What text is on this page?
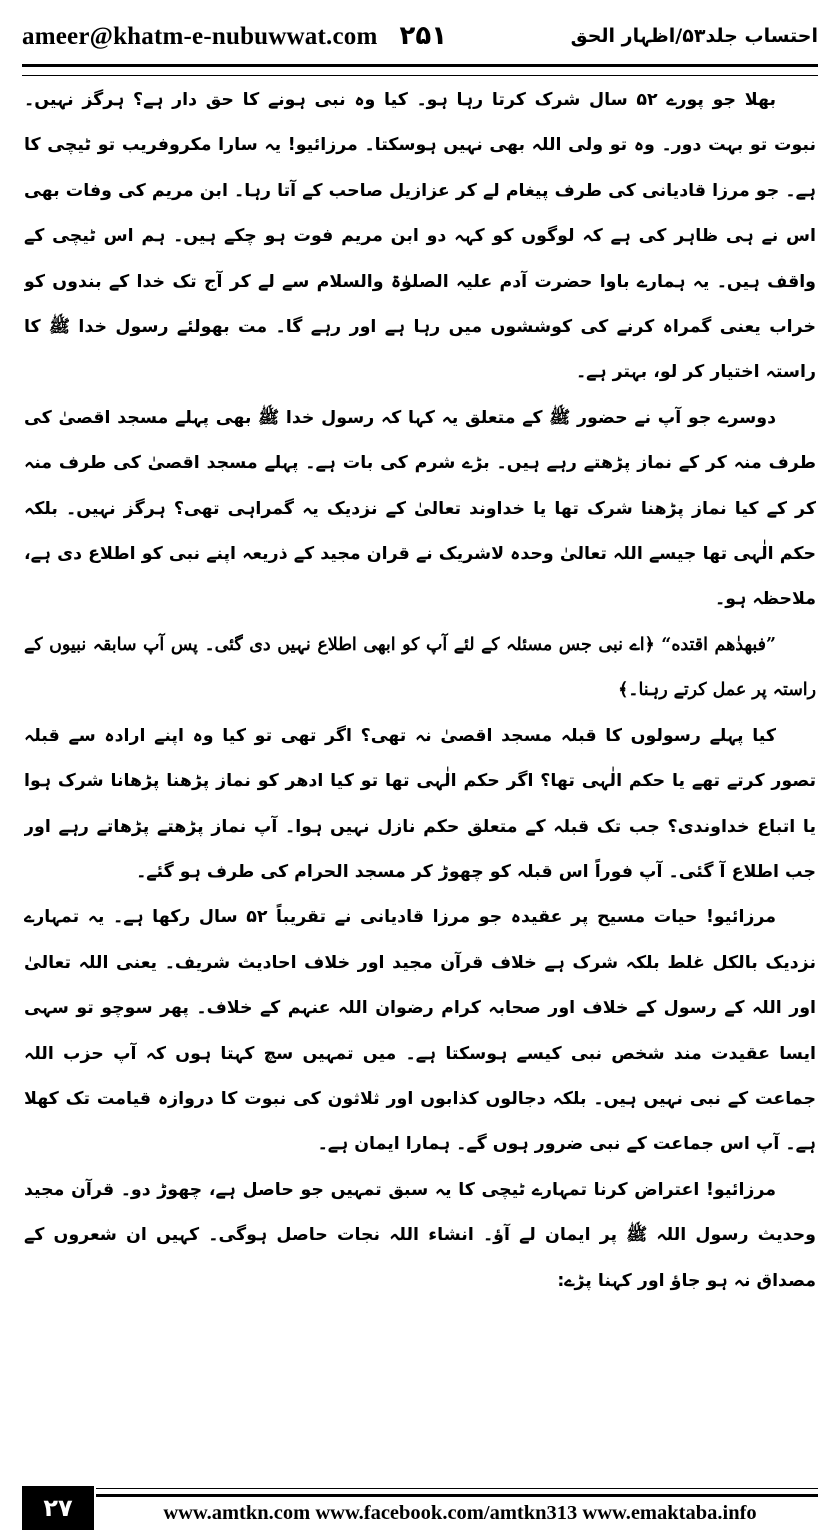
ameer@khatm-e-nubuwwat.com ۲۵۱	احتساب جلد۵۳/اظہار الحق

بھلا جو پورے ۵۲ سال شرک کرتا رہا ہو۔ کیا وہ نبی ہونے کا حق دار ہے؟ ہرگز نہیں۔ نبوت تو بہت دور۔ وہ تو ولی اللہ بھی نہیں ہوسکتا۔ مرزائیو! یہ سارا مکروفریب تو ٹیچی کا ہے۔ جو مرزا قادیانی کی طرف پیغام لے کر عزازیل صاحب کے آتا رہا۔ ابن مریم کی وفات بھی اس نے ہی ظاہر کی ہے کہ لوگوں کو کہہ دو ابن مریم فوت ہو چکے ہیں۔ ہم اس ٹیچی کے واقف ہیں۔ یہ ہمارے باوا حضرت آدم علیہ الصلوٰۃ والسلام سے لے کر آج تک خدا کے بندوں کو خراب یعنی گمراہ کرنے کی کوششوں میں رہا ہے اور رہے گا۔ مت بھولئے رسول خدا ﷺ کا راستہ اختیار کر لو، بہتر ہے۔

دوسرے جو آپ نے حضور ﷺ کے متعلق یہ کہا کہ رسول خدا ﷺ بھی پہلے مسجد اقصیٰ کی طرف منہ کر کے نماز پڑھتے رہے ہیں۔ بڑے شرم کی بات ہے۔ پہلے مسجد اقصیٰ کی طرف منہ کر کے کیا نماز پڑھنا شرک تھا یا خداوند تعالیٰ کے نزدیک یہ گمراہی تھی؟ ہرگز نہیں۔ بلکہ حکم الٰہی تھا جیسے اللہ تعالیٰ وحدہ لاشریک نے قران مجید کے ذریعہ اپنے نبی کو اطلاع دی ہے، ملاحظہ ہو۔

”فبهدٰهم اقتده“ ﴿اے نبی جس مسئلہ کے لئے آپ کو ابھی اطلاع نہیں دی گئی۔ پس آپ سابقہ نبیوں کے راستہ پر عمل کرتے رہنا۔﴾

کیا پہلے رسولوں کا قبلہ مسجد اقصیٰ نہ تھی؟ اگر تھی تو کیا وہ اپنے ارادہ سے قبلہ تصور کرتے تھے یا حکم الٰہی تھا؟ اگر حکم الٰہی تھا تو کیا ادھر کو نماز پڑھنا پڑھانا شرک ہوا یا اتباع خداوندی؟ جب تک قبلہ کے متعلق حکم نازل نہیں ہوا۔ آپ نماز پڑھتے پڑھاتے رہے اور جب اطلاع آ گئی۔ آپ فوراً اس قبلہ کو چھوڑ کر مسجد الحرام کی طرف ہو گئے۔

مرزائیو! حیات مسیح پر عقیدہ جو مرزا قادیانی نے تقریباً ۵۲ سال رکھا ہے۔ یہ تمہارے نزدیک بالکل غلط بلکہ شرک ہے خلاف قرآن مجید اور خلاف احادیث شریف۔ یعنی اللہ تعالیٰ اور اللہ کے رسول کے خلاف اور صحابہ کرام رضوان اللہ عنہم کے خلاف۔ پھر سوچو تو سہی ایسا عقیدت مند شخص نبی کیسے ہوسکتا ہے۔ میں تمہیں سچ کہتا ہوں کہ آپ حزب اللہ جماعت کے نبی نہیں ہیں۔ بلکہ دجالوں کذابوں اور ثلاثون کی نبوت کا دروازہ قیامت تک کھلا ہے۔ آپ اس جماعت کے نبی ضرور ہوں گے۔ ہمارا ایمان ہے۔

مرزائیو! اعتراض کرنا تمہارے ٹیچی کا یہ سبق تمہیں جو حاصل ہے، چھوڑ دو۔ قرآن مجید وحدیث رسول اللہ ﷺ پر ایمان لے آؤ۔ انشاء اللہ نجات حاصل ہوگی۔ کہیں ان شعروں کے مصداق نہ ہو جاؤ اور کہنا پڑے:

۲۷	www.amtkn.com www.facebook.com/amtkn313 www.emaktaba.info
